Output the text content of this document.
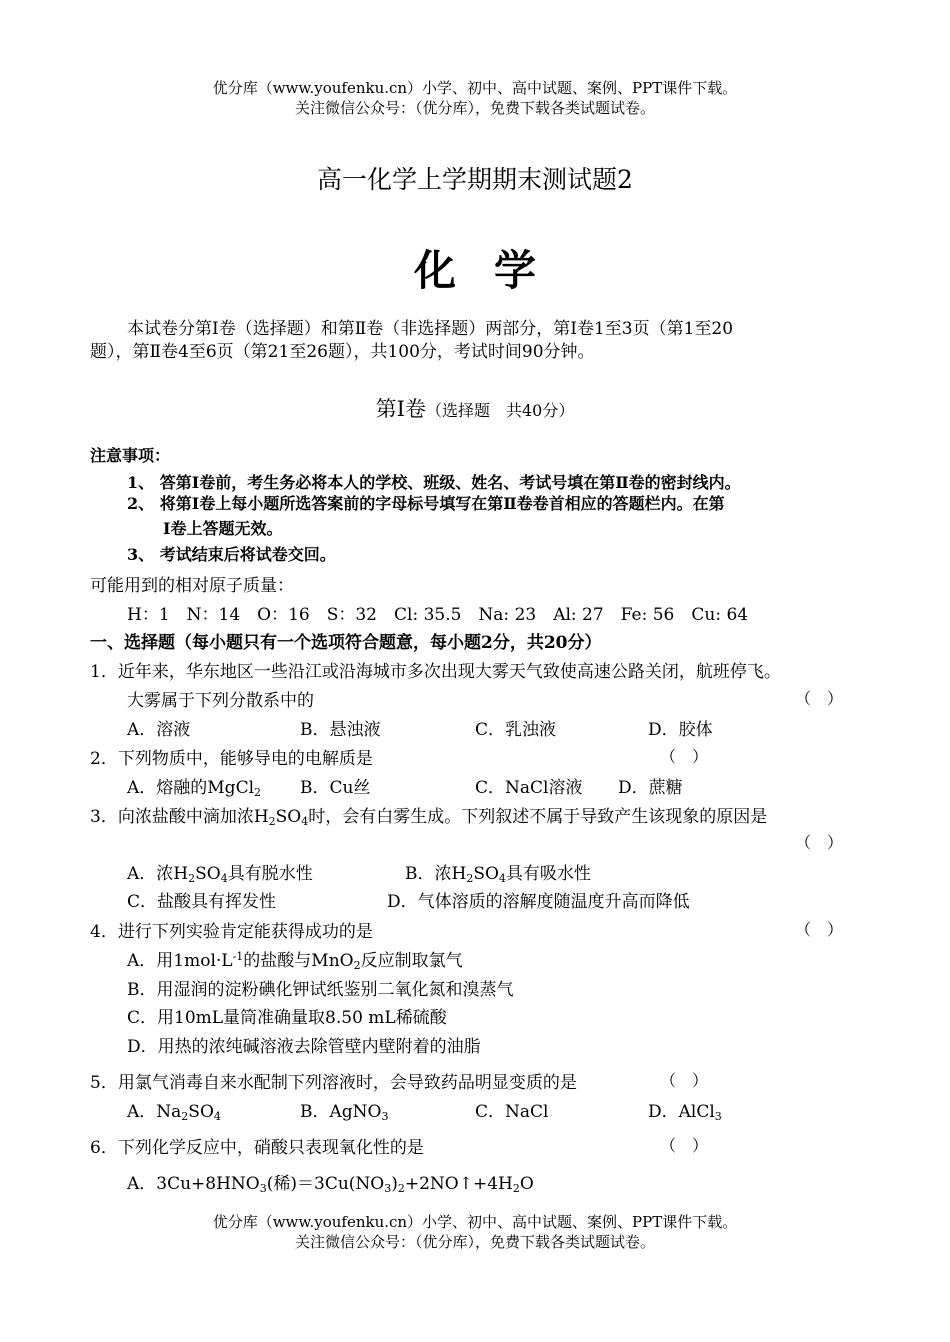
优分库（www.youfenku.cn）小学、初中、高中试题、案例、PPT课件下载。
关注微信公众号：（优分库），免费下载各类试题试卷。
高一化学上学期期末测试题2
化学
本试卷分第Ⅰ卷（选择题）和第Ⅱ卷（非选择题）两部分，第Ⅰ卷1至3页（第1至20
题），第Ⅱ卷4至6页（第21至26题），共100分，考试时间90分钟。
第Ⅰ卷（选择题　共40分）
注意事项：
1、 答第Ⅰ卷前，考生务必将本人的学校、班级、姓名、考试号填在第Ⅱ卷的密封线内。
2、 将第Ⅰ卷上每小题所选答案前的字母标号填写在第Ⅱ卷卷首相应的答题栏内。在第
Ⅰ卷上答题无效。
3、 考试结束后将试卷交回。
可能用到的相对原子质量：
H：1　N：14　O：16　S：32　Cl: 35.5　Na: 23　Al: 27　Fe: 56　Cu: 64
一、选择题（每小题只有一个选项符合题意，每小题2分，共20分）
1．近年来，华东地区一些沿江或沿海城市多次出现大雾天气致使高速公路关闭，航班停飞。
大雾属于下列分散系中的	（　）
A．溶液	B．悬浊液	C．乳浊液	D．胶体
2．下列物质中，能够导电的电解质是	（　）
A．熔融的MgCl$_2$ B．Cu丝	C．NaCl溶液 D．蔗糖
3．向浓盐酸中滴加浓$H_2SO_4$时，会有白雾生成。下列叙述不属于导致产生该现象的原因是
（　）
A．浓$H_2SO_4$具有脱水性	B．浓$H_2SO_4$具有吸水性
C．盐酸具有挥发性	D．气体溶质的溶解度随温度升高而降低
4．进行下列实验肯定能获得成功的是	（　）
A．用$1mol\cdot L^{-1}$的盐酸与MnO$_2$反应制取氯气
B．用湿润的淀粉碘化钾试纸鉴别二氧化氮和溴蒸气
C．用10mL量筒准确量取8.50 mL稀硫酸
D．用热的浓纯碱溶液去除管壁内壁附着的油脂
5．用氯气消毒自来水配制下列溶液时，会导致药品明显变质的是	（　）
A．$Na_2SO_4$	B．AgNO$_3$	C．NaCl	D．AlCl$_3$
6．下列化学反应中，硝酸只表现氧化性的是	（　）
A．$3Cu+8HNO_3$(稀)$=3Cu(NO_3)_2+2NO↑+4H_2O$
优分库（www.youfenku.cn）小学、初中、高中试题、案例、PPT课件下载。
关注微信公众号：（优分库），免费下载各类试题试卷。
